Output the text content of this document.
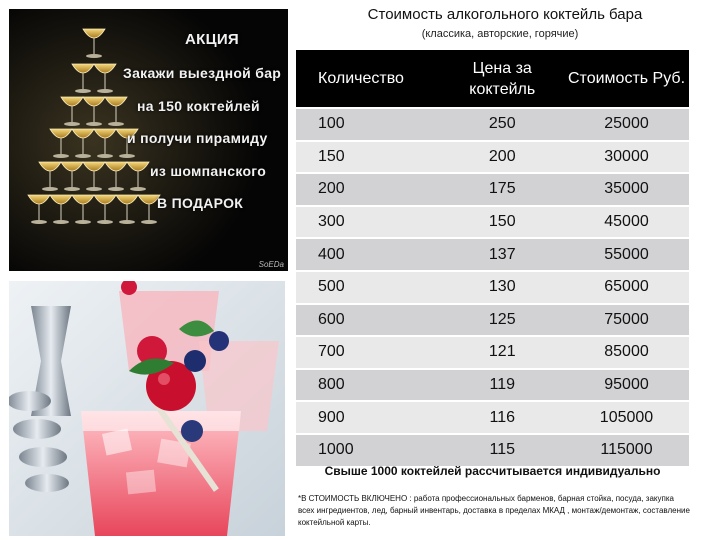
Стоимость алкогольного коктейль бара
(классика, авторские, горячие)
АКЦИЯ
Закажи выездной бар
на 150 коктейлей
и получи пирамиду
из шомпанского
В ПОДАРОК
SoEDa
Количество	Цена за коктейль	Стоимость Руб.
100	250	25000
150	200	30000
200	175	35000
300	150	45000
400	137	55000
500	130	65000
600	125	75000
700	121	85000
800	119	95000
900	116	105000
1000	115	115000
Свыше 1000 коктейлей рассчитывается индивидуально
*В СТОИМОСТЬ ВКЛЮЧЕНО : работа профессиональных барменов, барная стойка, посуда, закупка всех ингредиентов, лед, барный инвентарь, доставка в пределах МКАД , монтаж/демонтаж, составление коктейльной карты.
